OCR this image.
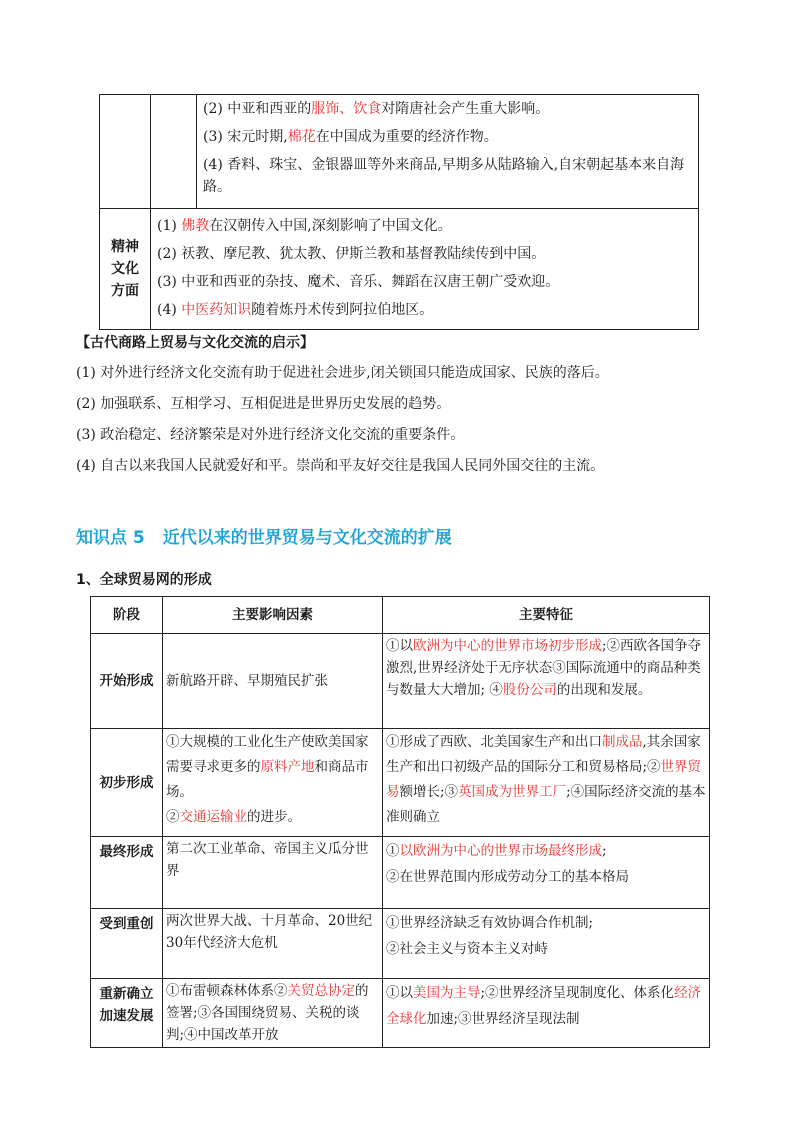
		(2) 中亚和西亚的服饰、饮食对隋唐社会产生重大影响。

(3) 宋元时期,棉花在中国成为重要的经济作物。

(4) 香料、珠宝、金银器皿等外来商品,早期多从陆路输入,自宋朝起基本来自海路。

精神文化方面	(1) 佛教在汉朝传入中国,深刻影响了中国文化。

(2) 祆教、摩尼教、犹太教、伊斯兰教和基督教陆续传到中国。

(3) 中亚和西亚的杂技、魔术、音乐、舞蹈在汉唐王朝广受欢迎。

(4) 中医药知识随着炼丹术传到阿拉伯地区。	

【古代商路上贸易与文化交流的启示】
(1) 对外进行经济文化交流有助于促进社会进步,闭关锁国只能造成国家、民族的落后。
(2) 加强联系、互相学习、互相促进是世界历史发展的趋势。
(3) 政治稳定、经济繁荣是对外进行经济文化交流的重要条件。
(4) 自古以来我国人民就爱好和平。崇尚和平友好交往是我国人民同外国交往的主流。
知识点 5 近代以来的世界贸易与文化交流的扩展
1、全球贸易网的形成
阶段	主要影响因素	主要特征
开始形成	新航路开辟、早期殖民扩张	①以欧洲为中心的世界市场初步形成;②西欧各国争夺激烈,世界经济处于无序状态③国际流通中的商品种类与数量大大增加; ④股份公司的出现和发展。

初步形成	①大规模的工业化生产使欧美国家需要寻求更多的原料产地和商品市场。

②交通运输业的进步。	①形成了西欧、北美国家生产和出口制成品,其余国家生产和出口初级产品的国际分工和贸易格局;②世界贸易额增长;③英国成为世界工厂;④国际经济交流的基本准则确立

最终形成	第二次工业革命、帝国主义瓜分世界	①以欧洲为中心的世界市场最终形成;

②在世界范围内形成劳动分工的基本格局

受到重创	两次世界大战、十月革命、20世纪30年代经济大危机	①世界经济缺乏有效协调合作机制;

②社会主义与资本主义对峙

重新确立加速发展	①布雷顿森林体系②关贸总协定的签署;③各国围绕贸易、关税的谈判;④中国改革开放	①以美国为主导;②世界经济呈现制度化、体系化经济全球化加速;③世界经济呈现法制
